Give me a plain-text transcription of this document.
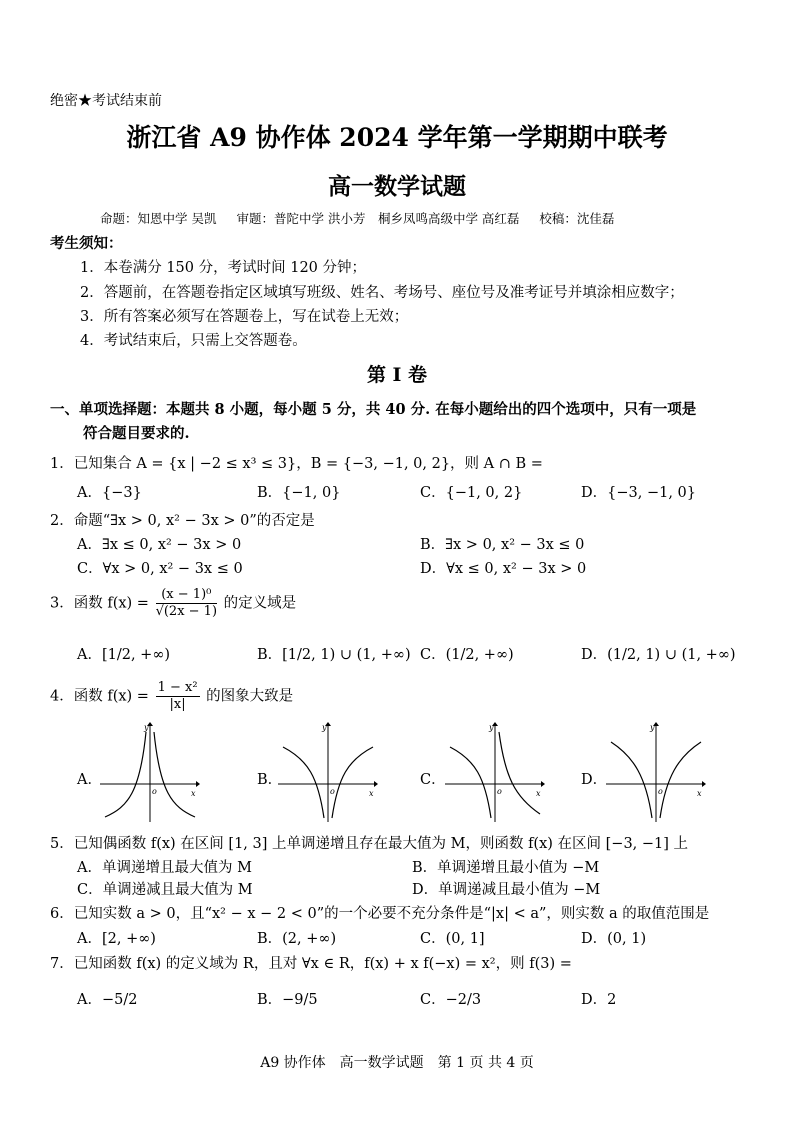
绝密★考试结束前
浙江省 A9 协作体 2024 学年第一学期期中联考
高一数学试题
命题：知恩中学 吴凯 审题：普陀中学 洪小芳　桐乡凤鸣高级中学 高红磊 校稿：沈佳磊
考生须知：
1．本卷满分 150 分，考试时间 120 分钟；
2．答题前，在答题卷指定区域填写班级、姓名、考场号、座位号及准考证号并填涂相应数字；
3．所有答案必须写在答题卷上，写在试卷上无效；
4．考试结束后，只需上交答题卷。
第 I 卷
一、单项选择题：本题共 8 小题，每小题 5 分，共 40 分. 在每小题给出的四个选项中，只有一项是
符合题目要求的.
1．已知集合 A = {x | −2 ≤ x³ ≤ 3}，B = {−3, −1, 0, 2}，则 A ∩ B =
A．{−3}	B．{−1, 0}	C．{−1, 0, 2}	D．{−3, −1, 0}
2．命题“∃x > 0, x² − 3x > 0”的否定是
A．∃x ≤ 0, x² − 3x > 0	B．∃x > 0, x² − 3x ≤ 0
C．∀x > 0, x² − 3x ≤ 0	D．∀x ≤ 0, x² − 3x > 0
3．函数 $f(x) = \frac{\text{(x − 1)⁰}}{√(2x - 1)}$ 的定义域是
A．[1/2, +∞)	B．[1/2, 1) ∪ (1, +∞) C．(1/2, +∞)	D．(1/2, 1) ∪ (1, +∞)
4．函数 $f(x) = \frac{\text{1 − x²}}{|x|}$ 的图象大致是
A．	B．	C．	D．
y
x
o
y
x
o
y
x
o
y
x
o
5．已知偶函数 f(x) 在区间 [1, 3] 上单调递增且存在最大值为 M，则函数 f(x) 在区间 [−3, −1] 上
A．单调递增且最大值为 M	B．单调递增且最小值为 −M
C．单调递减且最大值为 M	D．单调递减且最小值为 −M
6．已知实数 a > 0，且“x² − x − 2 < 0”的一个必要不充分条件是“|x| < a”，则实数 a 的取值范围是
A．[2, +∞)	B．(2, +∞)	C．(0, 1]	D．(0, 1)
7．已知函数 f(x) 的定义域为 R，且对 ∀x ∈ R，f(x) + x f(−x) = x²，则 f(3) =
A．−5/2	B．−9/5	C．−2/3	D．2
A9 协作体　高一数学试题　第 1 页 共 4 页
